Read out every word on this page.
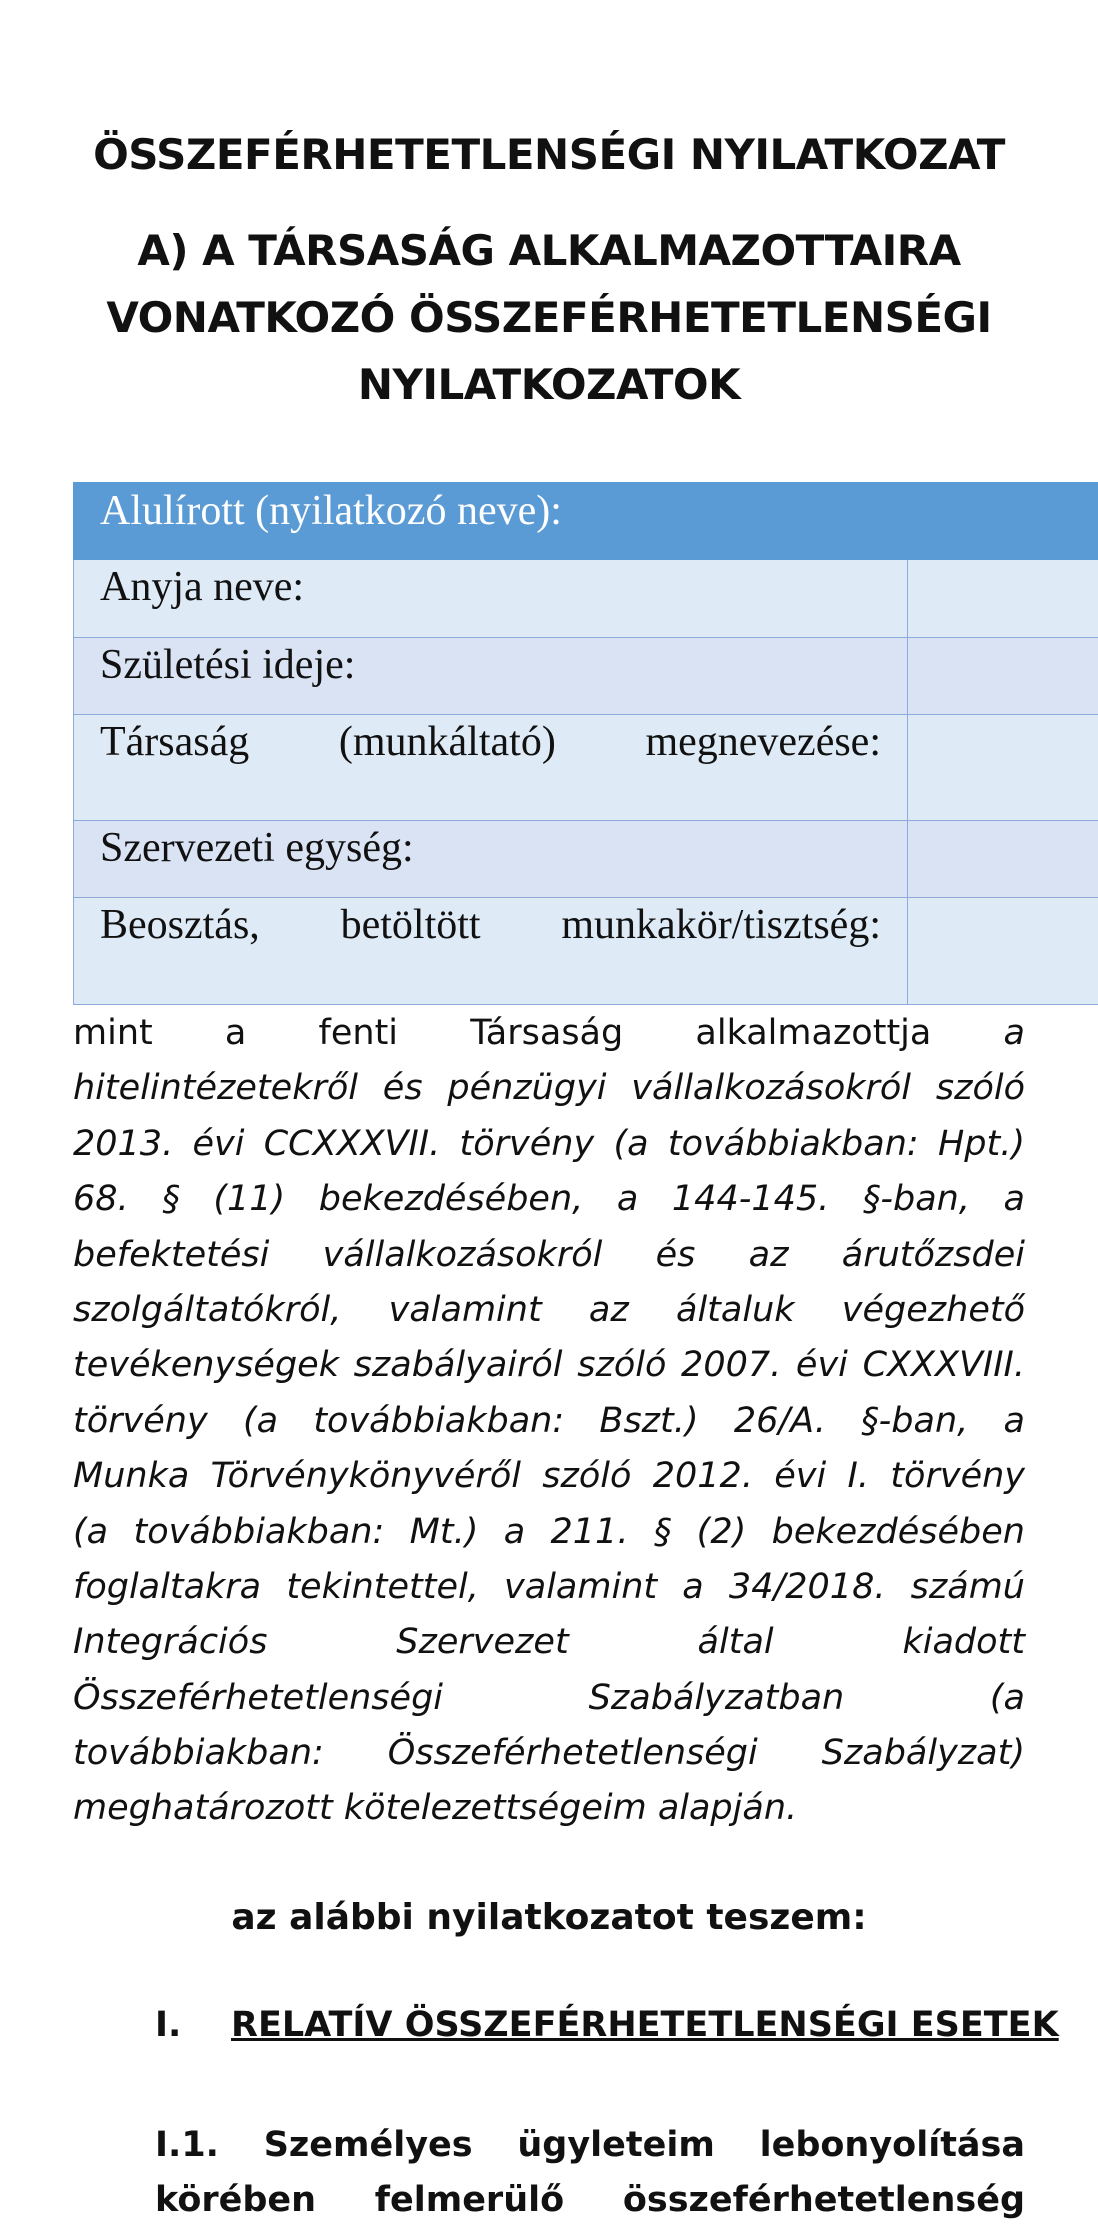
ÖSSZEFÉRHETETLENSÉGI NYILATKOZAT
A) A TÁRSASÁG ALKALMAZOTTAIRA
VONATKOZÓ ÖSSZEFÉRHETETLENSÉGI
NYILATKOZATOK
Alulírott (nyilatkozó neve):
Anyja neve:
Születési ideje:
Társaság (munkáltató) megnevezése:
Szervezeti egység:
Beosztás, betöltött munkakör/tisztség:
mint a fenti Társaság alkalmazottja a
hitelintézetekről és pénzügyi vállalkozásokról szóló
2013. évi CCXXXVII. törvény (a továbbiakban: Hpt.)
68. § (11) bekezdésében, a 144-145. §-ban, a
befektetési vállalkozásokról és az árutőzsdei
szolgáltatókról, valamint az általuk végezhető
tevékenységek szabályairól szóló 2007. évi CXXXVIII.
törvény (a továbbiakban: Bszt.) 26/A. §-ban, a
Munka Törvénykönyvéről szóló 2012. évi I. törvény
(a továbbiakban: Mt.) a 211. § (2) bekezdésében
foglaltakra tekintettel, valamint a 34/2018. számú
Integrációs Szervezet által kiadott
Összeférhetetlenségi Szabályzatban (a
továbbiakban: Összeférhetetlenségi Szabályzat)
meghatározott kötelezettségeim alapján.
az alábbi nyilatkozatot teszem:
I. RELATÍV ÖSSZEFÉRHETETLENSÉGI ESETEK
I.1. Személyes ügyleteim lebonyolítása
körében felmerülő összeférhetetlenség
